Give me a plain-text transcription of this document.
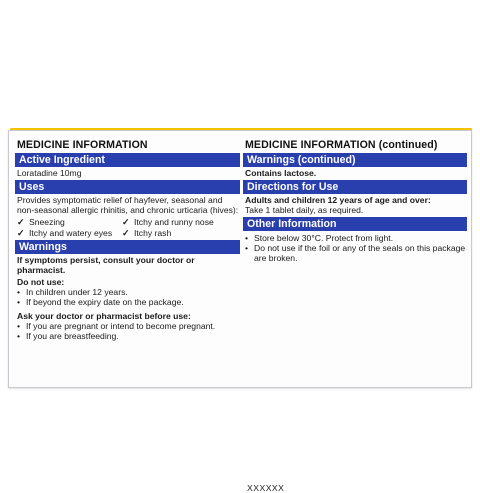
MEDICINE INFORMATION
Active Ingredient
Loratadine 10mg
Uses
Provides symptomatic relief of hayfever, seasonal and non-seasonal allergic rhinitis, and chronic urticaria (hives):
✓ Sneezing	✓ Itchy and runny nose
✓ Itchy and watery eyes	✓ Itchy rash
Warnings
If symptoms persist, consult your doctor or pharmacist.
Do not use:
• In children under 12 years.
• If beyond the expiry date on the package.
Ask your doctor or pharmacist before use:
• If you are pregnant or intend to become pregnant.
• If you are breastfeeding.
MEDICINE INFORMATION (continued)
Warnings (continued)
Contains lactose.
Directions for Use
Adults and children 12 years of age and over:
Take 1 tablet daily, as required.
Other Information
• Store below 30°C. Protect from light.
• Do not use if the foil or any of the seals on this package are broken.
XXXXXX
